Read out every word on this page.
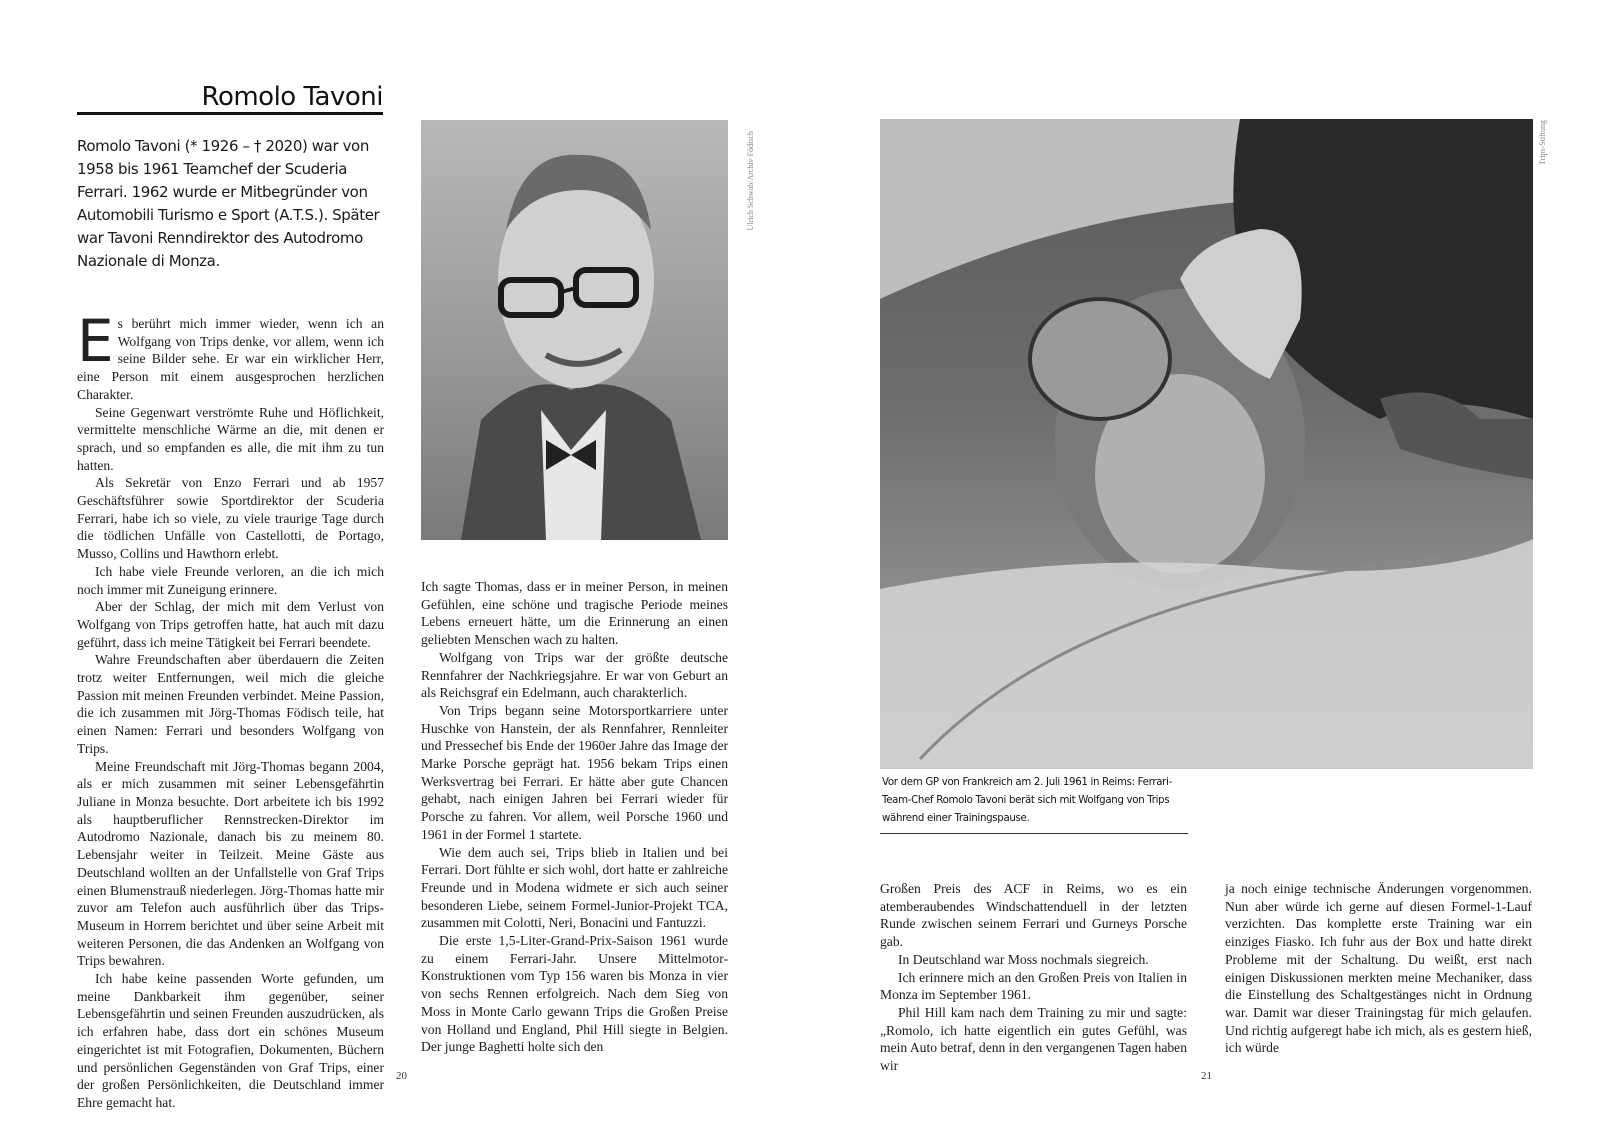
Romolo Tavoni
Romolo Tavoni (* 1926 – † 2020) war von 1958 bis 1961 Teamchef der Scuderia Ferrari. 1962 wurde er Mitbegründer von Automobili Turismo e Sport (A.T.S.). Später war Tavoni Renndirektor des Autodromo Nazionale di Monza.

Es berührt mich immer wieder, wenn ich an Wolfgang von Trips denke, vor allem, wenn ich seine Bilder sehe. Er war ein wirklicher Herr, eine Person mit einem ausgesprochen herzlichen Charakter.

Seine Gegenwart verströmte Ruhe und Höflichkeit, vermittelte menschliche Wärme an die, mit denen er sprach, und so empfanden es alle, die mit ihm zu tun hatten.

Als Sekretär von Enzo Ferrari und ab 1957 Geschäftsführer sowie Sportdirektor der Scuderia Ferrari, habe ich so viele, zu viele traurige Tage durch die tödlichen Unfälle von Castellotti, de Portago, Musso, Collins und Hawthorn erlebt.

Ich habe viele Freunde verloren, an die ich mich noch immer mit Zuneigung erinnere.

Aber der Schlag, der mich mit dem Verlust von Wolfgang von Trips getroffen hatte, hat auch mit dazu geführt, dass ich meine Tätigkeit bei Ferrari beendete.

Wahre Freundschaften aber überdauern die Zeiten trotz weiter Entfernungen, weil mich die gleiche Passion mit meinen Freunden verbindet. Meine Passion, die ich zusammen mit Jörg-Thomas Födisch teile, hat einen Namen: Ferrari und besonders Wolfgang von Trips.

Meine Freundschaft mit Jörg-Thomas begann 2004, als er mich zusammen mit seiner Lebensgefährtin Juliane in Monza besuchte. Dort arbeitete ich bis 1992 als hauptberuflicher Rennstrecken-Direktor im Autodromo Nazionale, danach bis zu meinem 80. Lebensjahr weiter in Teilzeit. Meine Gäste aus Deutschland wollten an der Unfallstelle von Graf Trips einen Blumenstrauß niederlegen. Jörg-Thomas hatte mir zuvor am Telefon auch ausführlich über das Trips-Museum in Horrem berichtet und über seine Arbeit mit weiteren Personen, die das Andenken an Wolfgang von Trips bewahren.

Ich habe keine passenden Worte gefunden, um meine Dankbarkeit ihm gegenüber, seiner Lebensgefährtin und seinen Freunden auszudrücken, als ich erfahren habe, dass dort ein schönes Museum eingerichtet ist mit Fotografien, Dokumenten, Büchern und persönlichen Gegenständen von Graf Trips, einer der großen Persönlichkeiten, die Deutschland immer Ehre gemacht hat.

Ulrich Schwab/Archiv Födisch

Ich sagte Thomas, dass er in meiner Person, in meinen Gefühlen, eine schöne und tragische Periode meines Lebens erneuert hätte, um die Erinnerung an einen geliebten Menschen wach zu halten.

Wolfgang von Trips war der größte deutsche Rennfahrer der Nachkriegsjahre. Er war von Geburt an als Reichsgraf ein Edelmann, auch charakterlich.

Von Trips begann seine Motorsportkarriere unter Huschke von Hanstein, der als Rennfahrer, Rennleiter und Pressechef bis Ende der 1960er Jahre das Image der Marke Porsche geprägt hat. 1956 bekam Trips einen Werksvertrag bei Ferrari. Er hätte aber gute Chancen gehabt, nach einigen Jahren bei Ferrari wieder für Porsche zu fahren. Vor allem, weil Porsche 1960 und 1961 in der Formel 1 startete.

Wie dem auch sei, Trips blieb in Italien und bei Ferrari. Dort fühlte er sich wohl, dort hatte er zahlreiche Freunde und in Modena widmete er sich auch seiner besonderen Liebe, seinem Formel-Junior-Projekt TCA, zusammen mit Colotti, Neri, Bonacini und Fantuzzi.

Die erste 1,5-Liter-Grand-Prix-Saison 1961 wurde zu einem Ferrari-Jahr. Unsere Mittelmotor-Konstruktionen vom Typ 156 waren bis Monza in vier von sechs Rennen erfolgreich. Nach dem Sieg von Moss in Monte Carlo gewann Trips die Großen Preise von Holland und England, Phil Hill siegte in Belgien. Der junge Baghetti holte sich den

20
Trips-Stiftung
Vor dem GP von Frankreich am 2. Juli 1961 in Reims: Ferrari-Team-Chef Romolo Tavoni berät sich mit Wolfgang von Trips während einer Trainingspause.

Großen Preis des ACF in Reims, wo es ein atemberaubendes Windschattenduell in der letzten Runde zwischen seinem Ferrari und Gurneys Porsche gab.

In Deutschland war Moss nochmals siegreich.

Ich erinnere mich an den Großen Preis von Italien in Monza im September 1961.

Phil Hill kam nach dem Training zu mir und sagte: „Romolo, ich hatte eigentlich ein gutes Gefühl, was mein Auto betraf, denn in den vergangenen Tagen haben wir

ja noch einige technische Änderungen vorgenommen. Nun aber würde ich gerne auf diesen Formel-1-Lauf verzichten. Das komplette erste Training war ein einziges Fiasko. Ich fuhr aus der Box und hatte direkt Probleme mit der Schaltung. Du weißt, erst nach einigen Diskussionen merkten meine Mechaniker, dass die Einstellung des Schaltgestänges nicht in Ordnung war. Damit war dieser Trainingstag für mich gelaufen. Und richtig aufgeregt habe ich mich, als es gestern hieß, ich würde

21
